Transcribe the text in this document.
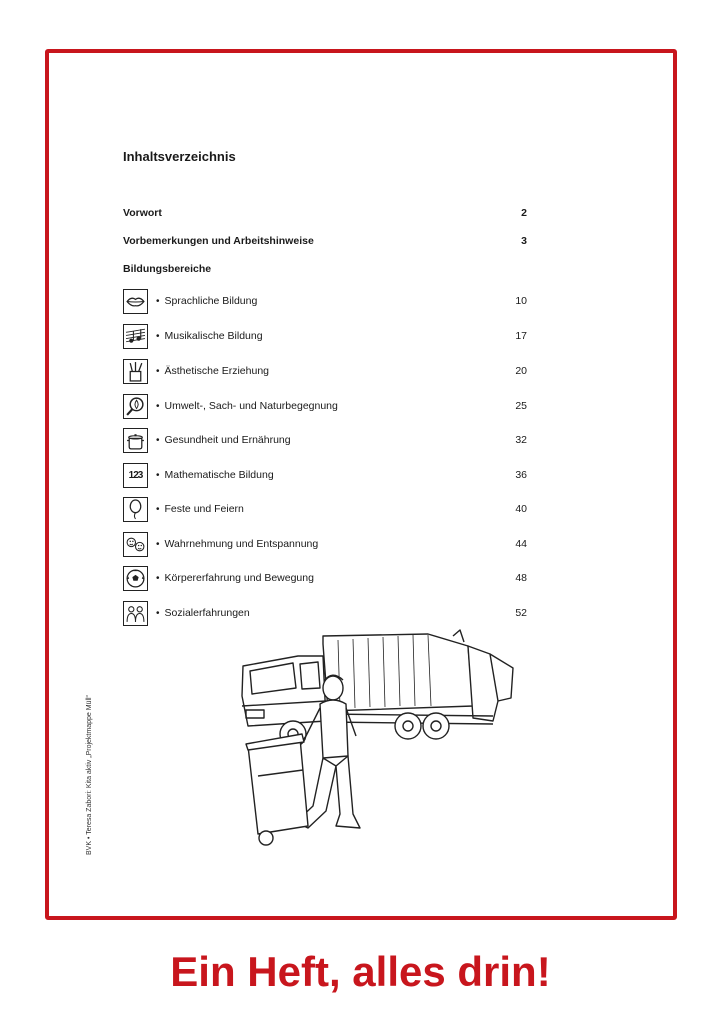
Inhaltsverzeichnis
Vorwort	2
Vorbemerkungen und Arbeitshinweise	3
Bildungsbereiche
• Sprachliche Bildung	10
• Musikalische Bildung	17
• Ästhetische Erziehung	20
• Umwelt-, Sach- und Naturbegegnung	25
• Gesundheit und Ernährung	32
123 • Mathematische Bildung	36
• Feste und Feiern	40
• Wahrnehmung und Entspannung	44
• Körpererfahrung und Bewegung	48
• Sozialerfahrungen	52
BVK • Teresa Zabori: Kita aktiv „Projektmappe Müll“
Ein Heft, alles drin!
